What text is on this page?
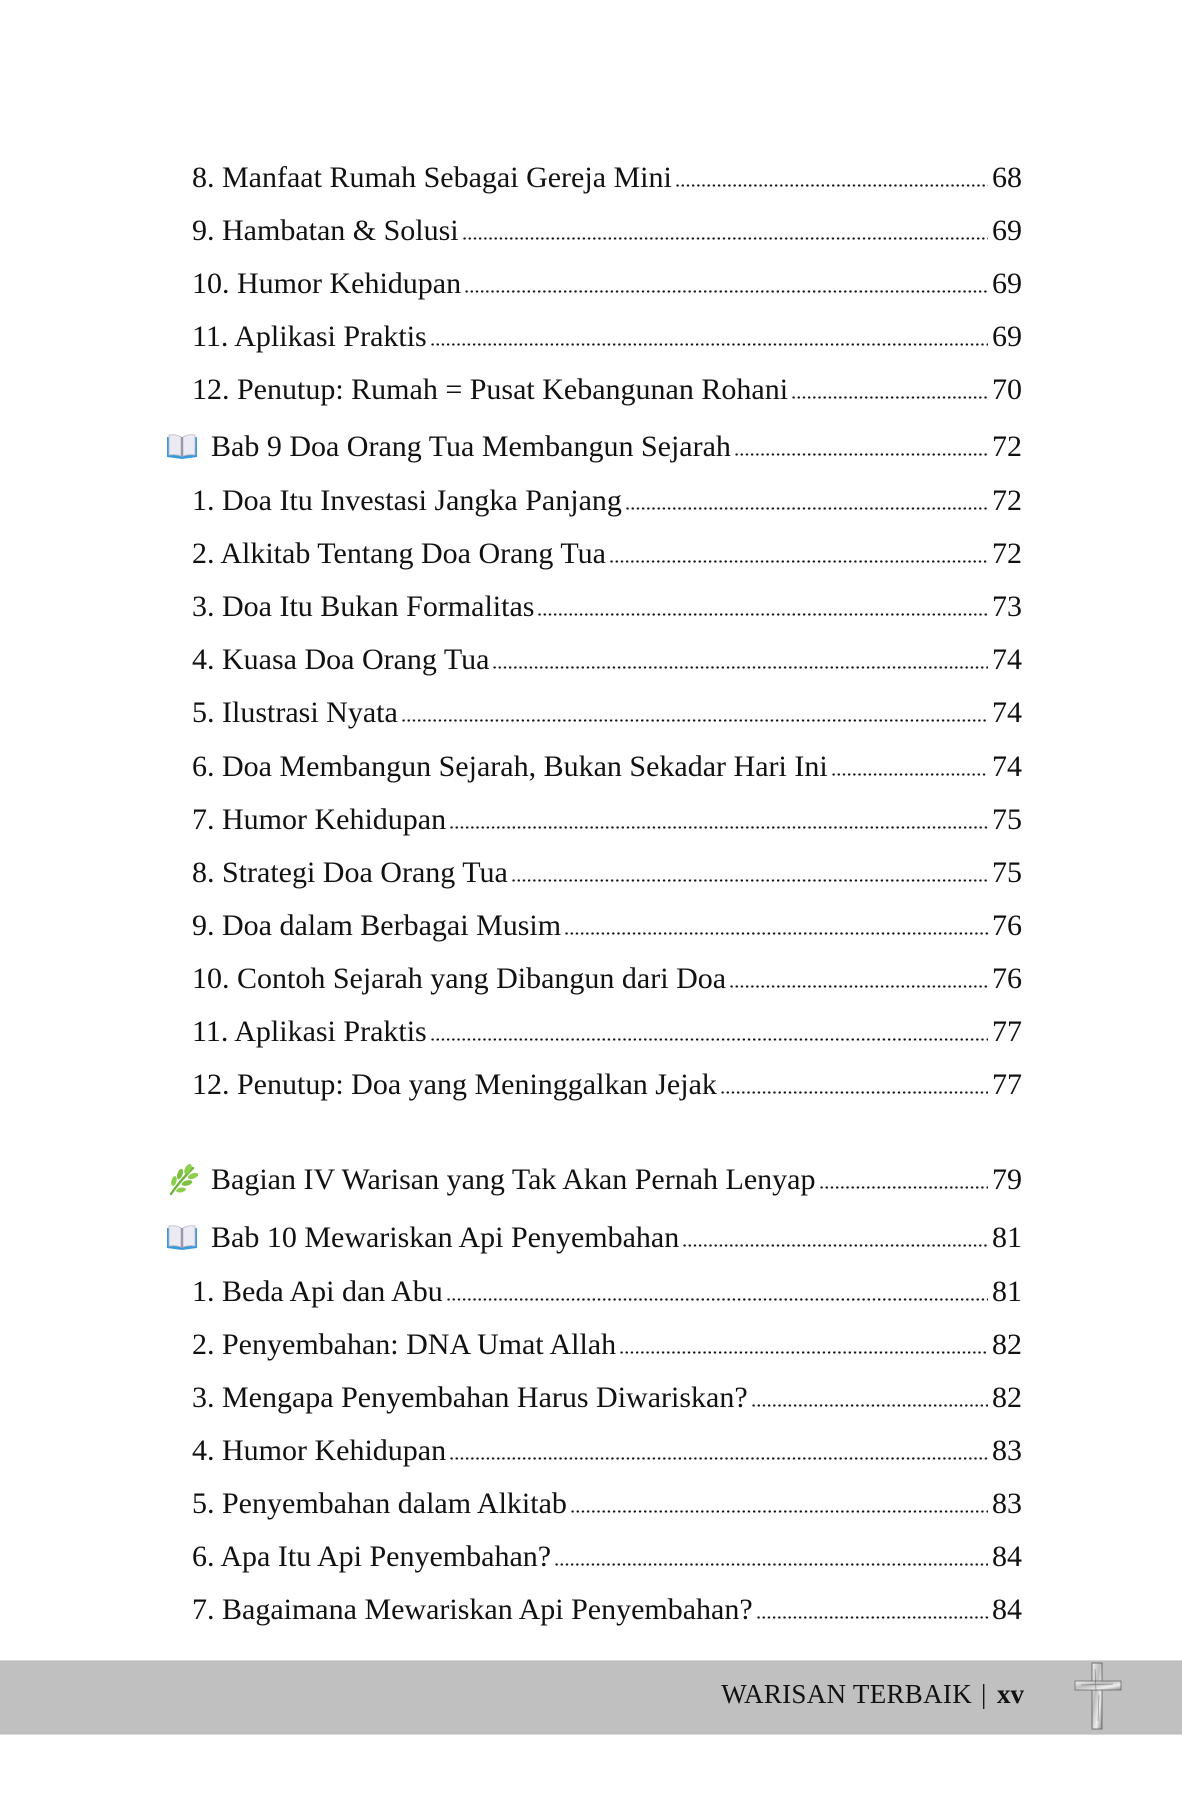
8. Manfaat Rumah Sebagai Gereja Mini	68
9. Hambatan & Solusi	69
10. Humor Kehidupan	69
11. Aplikasi Praktis	69
12. Penutup: Rumah = Pusat Kebangunan Rohani	70
Bab 9 Doa Orang Tua Membangun Sejarah	72
1. Doa Itu Investasi Jangka Panjang	72
2. Alkitab Tentang Doa Orang Tua	72
3. Doa Itu Bukan Formalitas	73
4. Kuasa Doa Orang Tua	74
5. Ilustrasi Nyata	74
6. Doa Membangun Sejarah, Bukan Sekadar Hari Ini	74
7. Humor Kehidupan	75
8. Strategi Doa Orang Tua	75
9. Doa dalam Berbagai Musim	76
10. Contoh Sejarah yang Dibangun dari Doa	76
11. Aplikasi Praktis	77
12. Penutup: Doa yang Meninggalkan Jejak	77
Bagian IV Warisan yang Tak Akan Pernah Lenyap	79
Bab 10 Mewariskan Api Penyembahan	81
1. Beda Api dan Abu	81
2. Penyembahan: DNA Umat Allah	82
3. Mengapa Penyembahan Harus Diwariskan?	82
4. Humor Kehidupan	83
5. Penyembahan dalam Alkitab	83
6. Apa Itu Api Penyembahan?	84
7. Bagaimana Mewariskan Api Penyembahan?	84
WARISAN TERBAIK | xv
